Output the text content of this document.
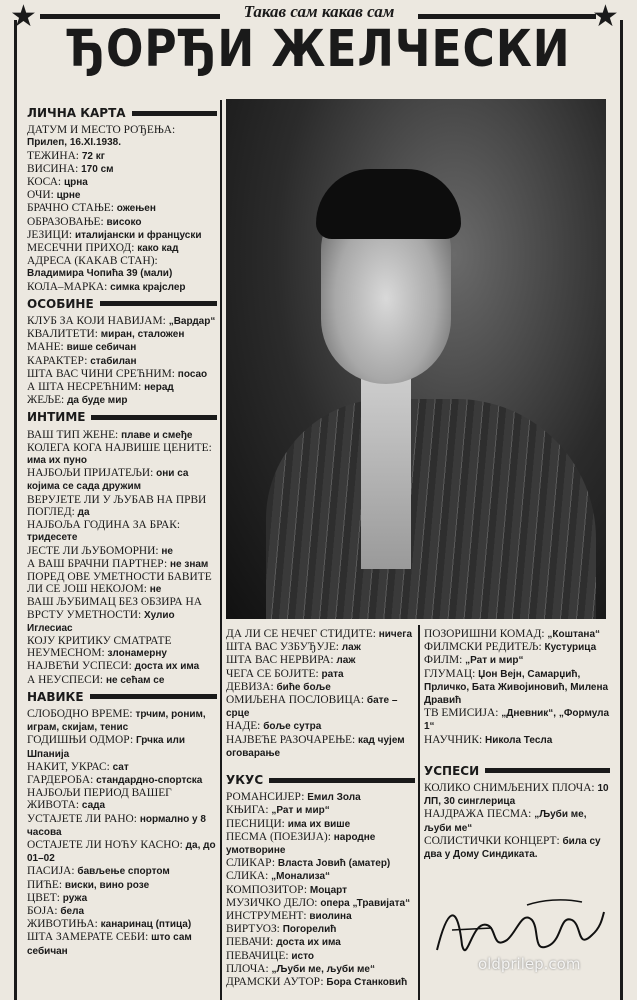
★	★
Такав сам какав сам
ЂОРЂИ ЖЕЛЧЕСКИ
ЛИЧНА КАРТА

ДАТУМ И МЕСТО РОЂЕЊА: Прилеп, 16.XI.1938.

ТЕЖИНА: 72 кг

ВИСИНА: 170 см

КОСА: црна

ОЧИ: црне

БРАЧНО СТАЊЕ: ожењен

ОБРАЗОВАЊЕ: високо

ЈЕЗИЦИ: италијански и француски

МЕСЕЧНИ ПРИХОД: како кад

АДРЕСА (КАКАВ СТАН): Владимира Чопића 39 (мали)

КОЛА–МАРКА: симка крајслер

ОСОБИНЕ

КЛУБ ЗА КОЈИ НАВИЈАМ: „Вардар“

КВАЛИТЕТИ: миран, сталожен

МАНЕ: више себичан

КАРАКТЕР: стабилан

ШТА ВАС ЧИНИ СРЕЋНИМ: посао

А ШТА НЕСРЕЋНИМ: нерад

ЖЕЉЕ: да буде мир

ИНТИМЕ

ВАШ ТИП ЖЕНЕ: плаве и смеђе

КОЛЕГА КОГА НАЈВИШЕ ЦЕНИТЕ: има их пуно

НАЈБОЉИ ПРИЈАТЕЉИ: они са којима се сада дружим

ВЕРУЈЕТЕ ЛИ У ЉУБАВ НА ПРВИ ПОГЛЕД: да

НАЈБОЉА ГОДИНА ЗА БРАК: тридесете

ЈЕСТЕ ЛИ ЉУБОМОРНИ: не

А ВАШ БРАЧНИ ПАРТНЕР: не знам

ПОРЕД ОВЕ УМЕТНОСТИ БАВИТЕ ЛИ СЕ ЈОШ НЕКОЈОМ: не

ВАШ ЉУБИМАЦ БЕЗ ОБЗИРА НА ВРСТУ УМЕТНОСТИ: Хулио Иглесиас

КОЈУ КРИТИКУ СМАТРАТЕ НЕУМЕСНОМ: злонамерну

НАЈВЕЋИ УСПЕСИ: доста их има

А НЕУСПЕСИ: не сећам се

НАВИКЕ

СЛОБОДНО ВРЕМЕ: трчим, роним, играм, скијам, тенис

ГОДИШЊИ ОДМОР: Грчка или Шпанија

НАКИТ, УКРАС: сат

ГАРДЕРОБА: стандардно-спортска

НАЈБОЉИ ПЕРИОД ВАШЕГ ЖИВОТА: сада

УСТАЈЕТЕ ЛИ РАНО: нормално у 8 часова

ОСТАЈЕТЕ ЛИ НОЋУ КАСНО: да, до 01–02

ПАСИЈА: бављење спортом

ПИЋЕ: виски, вино розе

ЦВЕТ: ружа

БОЈА: бела

ЖИВОТИЊА: канаринац (птица)

ШТА ЗАМЕРАТЕ СЕБИ: што сам себичан

ДА ЛИ СЕ НЕЧЕГ СТИДИТЕ: ничега

ШТА ВАС УЗБУЂУЈЕ: лаж

ШТА ВАС НЕРВИРА: лаж

ЧЕГА СЕ БОЈИТЕ: рата

ДЕВИЗА: биће боље

ОМИЉЕНА ПОСЛОВИЦА: бате – срце

НАДЕ: боље сутра

НАЈВЕЋЕ РАЗОЧАРЕЊЕ: кад чујем оговарање

УКУС

РОМАНСИЈЕР: Емил Зола

КЊИГА: „Рат и мир“

ПЕСНИЦИ: има их више

ПЕСМА (ПОЕЗИЈА): народне умотворине

СЛИКАР: Власта Јовић (аматер)

СЛИКА: „Монализа“

КОМПОЗИТОР: Моцарт

МУЗИЧКО ДЕЛО: опера „Травијата“

ИНСТРУМЕНТ: виолина

ВИРТУОЗ: Погорелић

ПЕВАЧИ: доста их има

ПЕВАЧИЦЕ: исто

ПЛОЧА: „Љуби ме, љуби ме“

ДРАМСКИ АУТОР: Бора Станковић

ПОЗОРИШНИ КОМАД: „Коштана“

ФИЛМСКИ РЕДИТЕЉ: Кустурица

ФИЛМ: „Рат и мир“

ГЛУМАЦ: Џон Вејн, Самарџић, Прличко, Бата Живојиновић, Милена Дравић

ТВ ЕМИСИЈА: „Дневник“, „Формула 1“

НАУЧНИК: Никола Тесла

УСПЕСИ

КОЛИКО СНИМЉЕНИХ ПЛОЧА: 10 ЛП, 30 синглерица

НАЈДРАЖА ПЕСМА: „Љуби ме, љуби ме“

СОЛИСТИЧКИ КОНЦЕРТ: била су два у Дому Синдиката.

oldprilep.com
